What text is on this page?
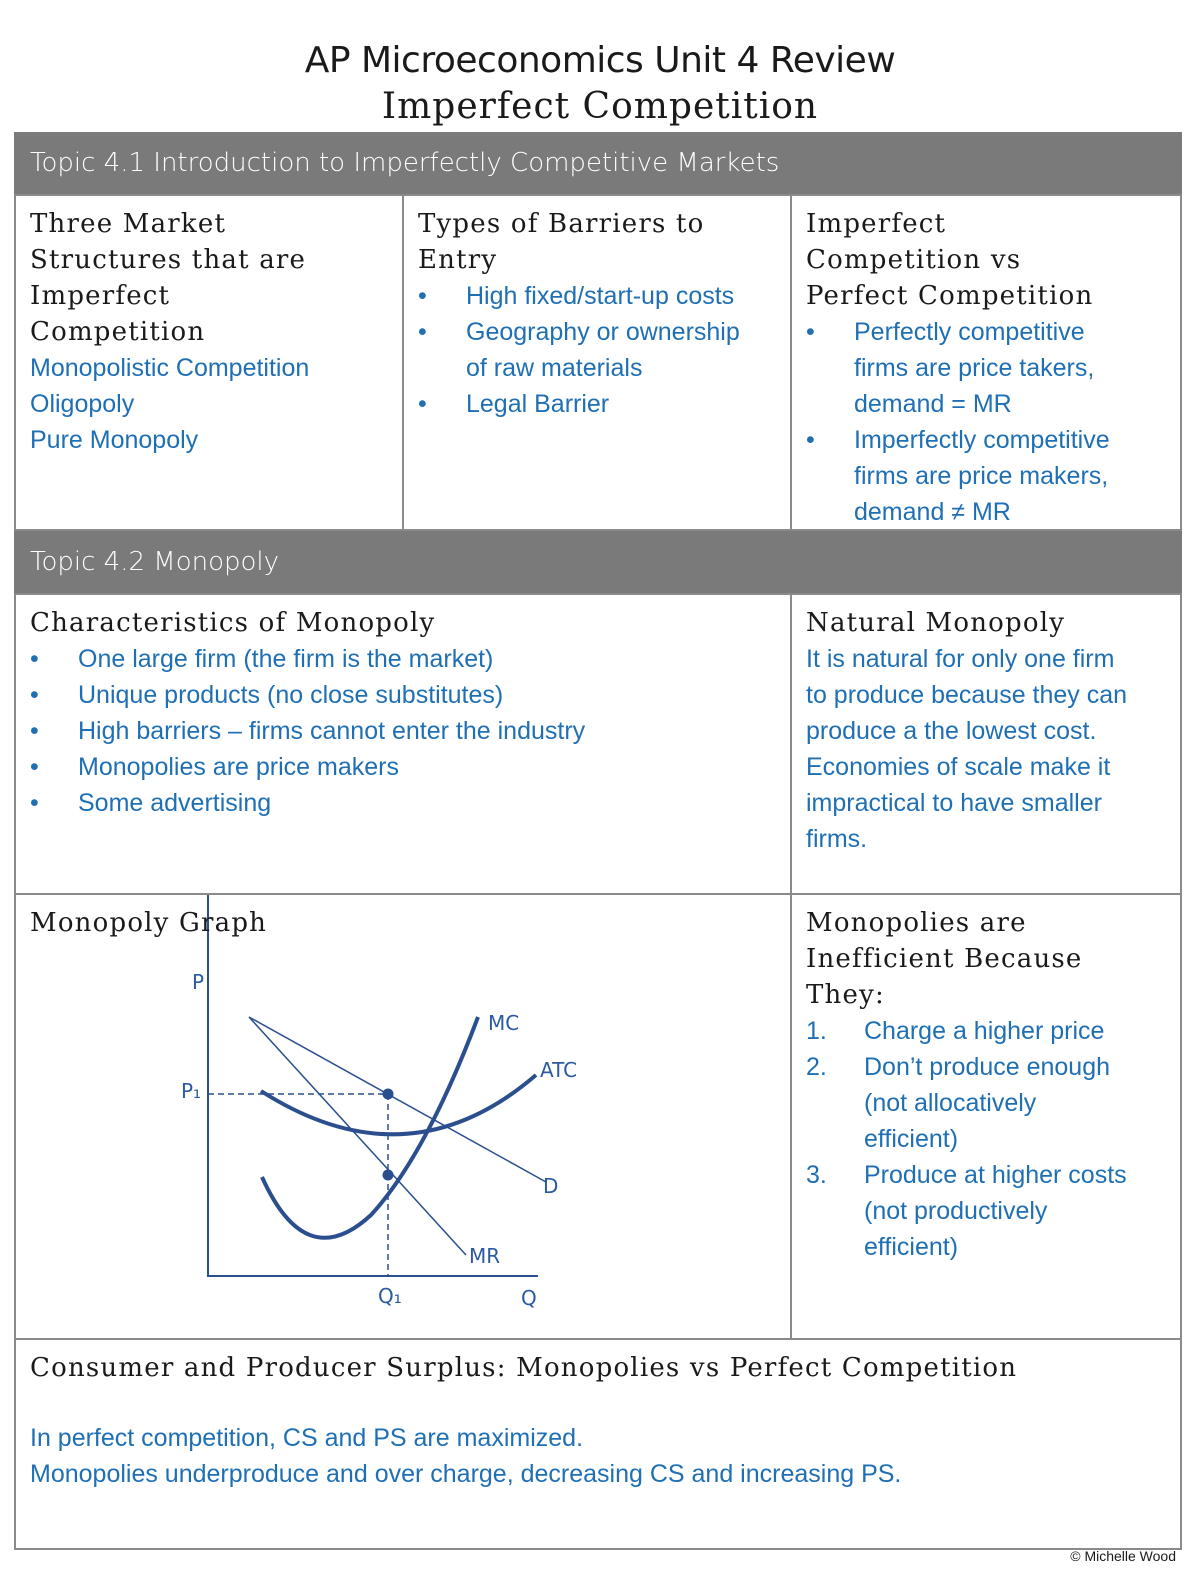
AP Microeconomics Unit 4 Review
Imperfect Competition
Topic 4.1 Introduction to Imperfectly Competitive Markets
Three Market
Structures that are
Imperfect
Competition
Monopolistic Competition
Oligopoly
Pure Monopoly
Types of Barriers to
Entry
• High fixed/start-up costs
• Geography or ownership
of raw materials
• Legal Barrier
Imperfect
Competition vs
Perfect Competition
• Perfectly competitive
firms are price takers,
demand = MR
• Imperfectly competitive
firms are price makers,
demand ≠ MR
Topic 4.2 Monopoly
Characteristics of Monopoly
• One large firm (the firm is the market)
• Unique products (no close substitutes)
• High barriers – firms cannot enter the industry
• Monopolies are price makers
• Some advertising
Natural Monopoly
It is natural for only one firm
to produce because they can
produce a the lowest cost.
Economies of scale make it
impractical to have smaller
firms.
Monopoly Graph
P
Q
P₁
Q₁
MC
ATC
D
MR
Monopolies are
Inefficient Because
They:
1. Charge a higher price
2. Don’t produce enough
(not allocatively
efficient)
3. Produce at higher costs
(not productively
efficient)
Consumer and Producer Surplus: Monopolies vs Perfect Competition
In perfect competition, CS and PS are maximized.
Monopolies underproduce and over charge, decreasing CS and increasing PS.
© Michelle Wood
